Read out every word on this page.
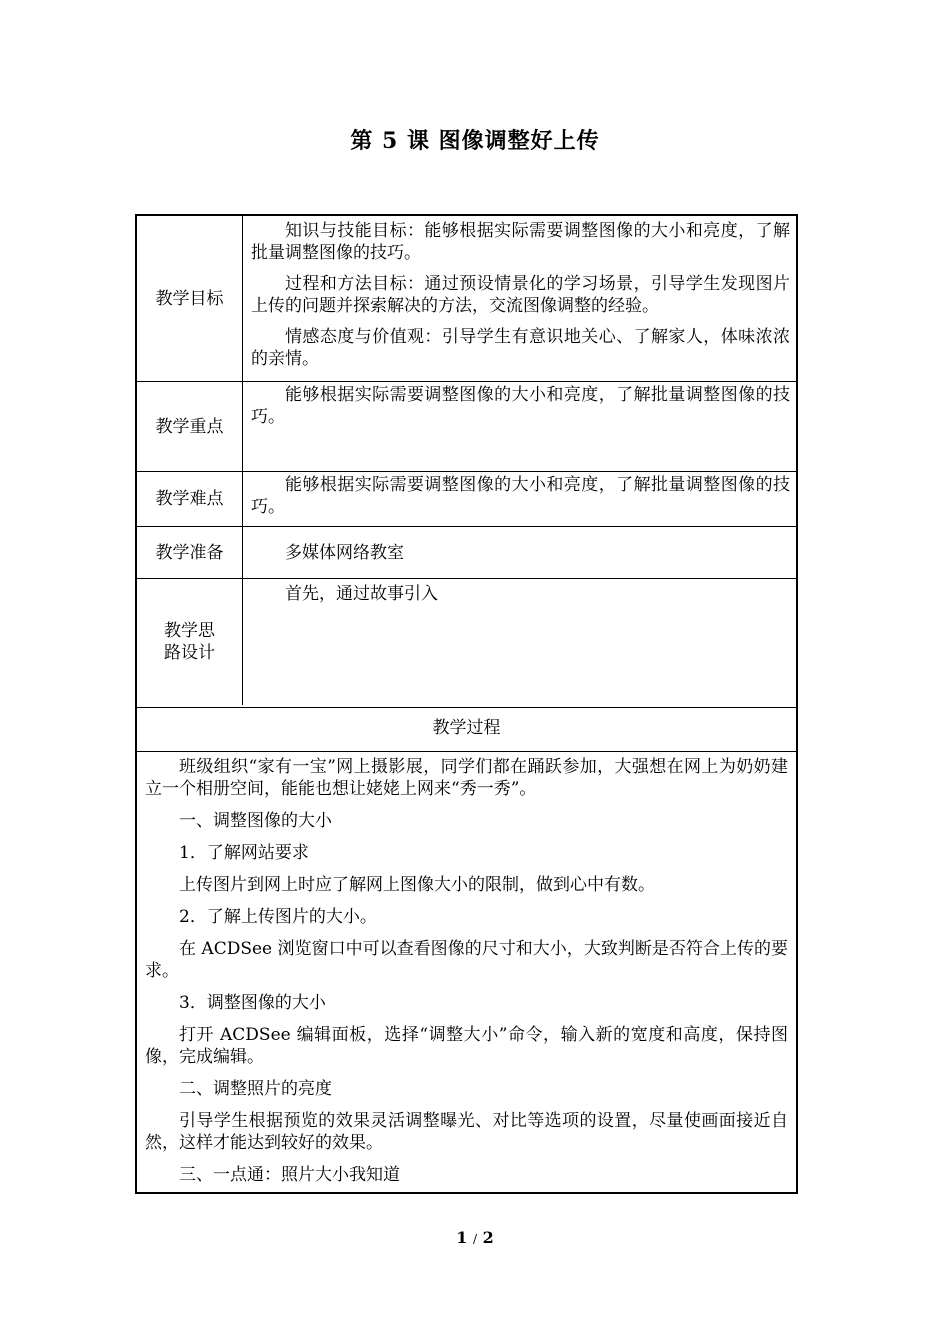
第 5 课 图像调整好上传
教学目标

知识与技能目标：能够根据实际需要调整图像的大小和亮度，了解批量调整图像的技巧。

过程和方法目标：通过预设情景化的学习场景，引导学生发现图片上传的问题并探索解决的方法，交流图像调整的经验。

情感态度与价值观：引导学生有意识地关心、了解家人，体味浓浓的亲情。

教学重点

能够根据实际需要调整图像的大小和亮度，了解批量调整图像的技巧。

教学难点

能够根据实际需要调整图像的大小和亮度，了解批量调整图像的技巧。

教学准备	多媒体网络教室

教学思路设计

首先，通过故事引入

教学过程

班级组织“家有一宝”网上摄影展，同学们都在踊跃参加，大强想在网上为奶奶建立一个相册空间，能能也想让姥姥上网来“秀一秀”。

一、调整图像的大小

1．了解网站要求

上传图片到网上时应了解网上图像大小的限制，做到心中有数。

2．了解上传图片的大小。

在 ACDSee 浏览窗口中可以查看图像的尺寸和大小，大致判断是否符合上传的要求。

3．调整图像的大小

打开 ACDSee 编辑面板，选择“调整大小”命令，输入新的宽度和高度，保持图像，完成编辑。

二、调整照片的亮度

引导学生根据预览的效果灵活调整曝光、对比等选项的设置，尽量使画面接近自然，这样才能达到较好的效果。

三、一点通：照片大小我知道

1 / 2
